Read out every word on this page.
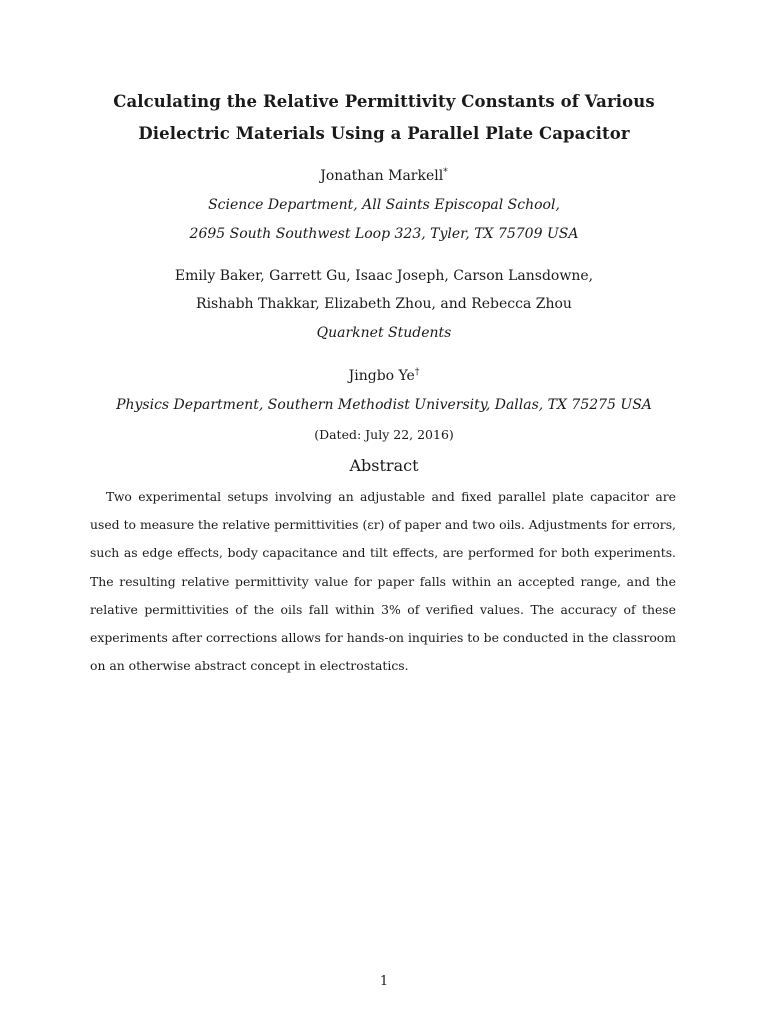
Calculating the Relative Permittivity Constants of Various
Dielectric Materials Using a Parallel Plate Capacitor

Jonathan Markell*

Science Department, All Saints Episcopal School,

2695 South Southwest Loop 323, Tyler, TX 75709 USA

Emily Baker, Garrett Gu, Isaac Joseph, Carson Lansdowne,

Rishabh Thakkar, Elizabeth Zhou, and Rebecca Zhou

Quarknet Students

Jingbo Ye†

Physics Department, Southern Methodist University, Dallas, TX 75275 USA

(Dated: July 22, 2016)

Abstract

Two experimental setups involving an adjustable and fixed parallel plate capacitor are used to measure the relative permittivities (εr) of paper and two oils. Adjustments for errors, such as edge effects, body capacitance and tilt effects, are performed for both experiments. The resulting relative permittivity value for paper falls within an accepted range, and the relative permittivities of the oils fall within 3% of verified values. The accuracy of these experiments after corrections allows for hands-on inquiries to be conducted in the classroom on an otherwise abstract concept in electrostatics.

1
